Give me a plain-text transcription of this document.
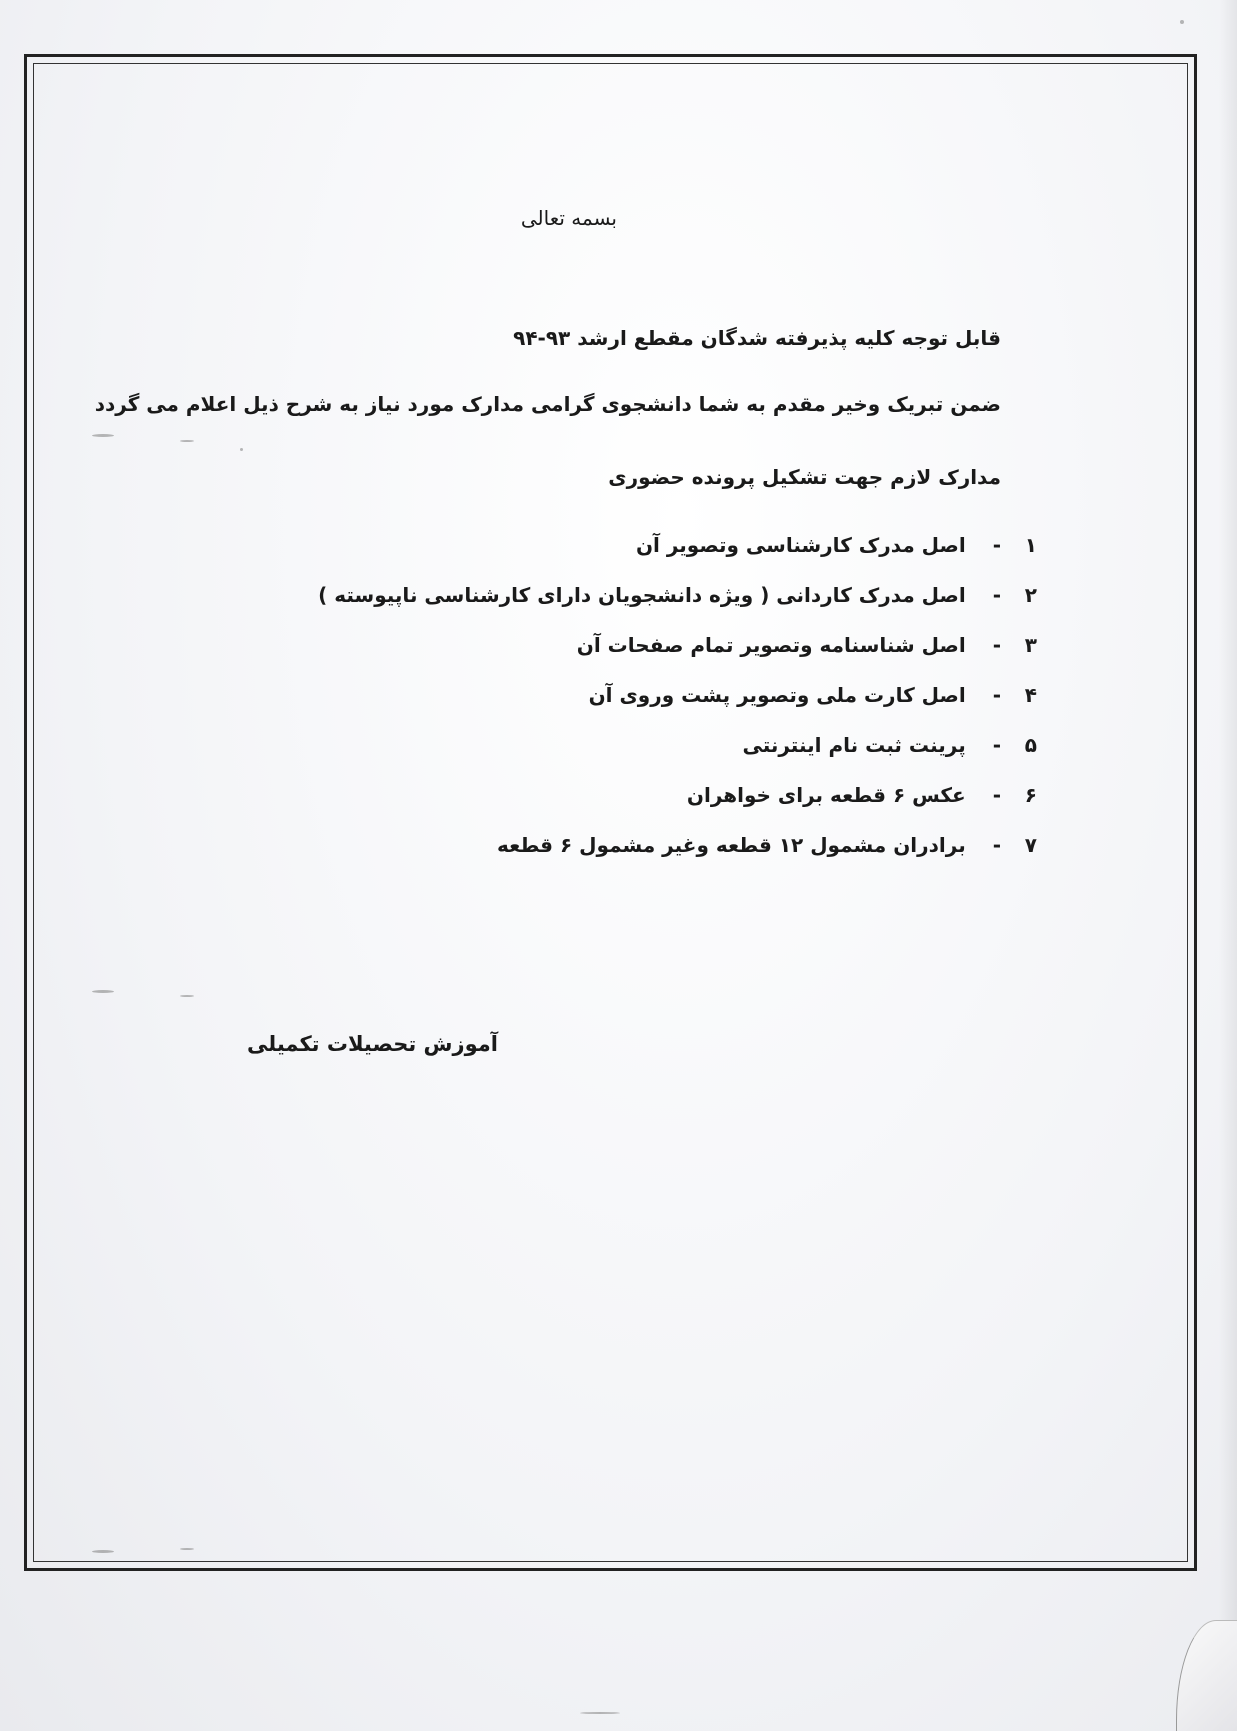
بسمه تعالی
قابل توجه کلیه پذیرفته شدگان مقطع ارشد ۹۳-۹۴
ضمن تبریک وخیر مقدم به شما دانشجوی گرامی مدارک مورد نیاز به شرح ذیل اعلام می گردد
مدارک لازم جهت تشکیل پرونده حضوری
۱- اصل مدرک کارشناسی وتصویر آن
۲- اصل مدرک کاردانی ( ویژه دانشجویان دارای کارشناسی ناپیوسته )
۳- اصل شناسنامه وتصویر تمام صفحات آن
۴- اصل کارت ملی وتصویر پشت وروی آن
۵- پرینت ثبت نام اینترنتی
۶- عکس ۶ قطعه برای خواهران
۷- برادران مشمول ۱۲ قطعه وغیر مشمول ۶ قطعه
آموزش تحصیلات تکمیلی
